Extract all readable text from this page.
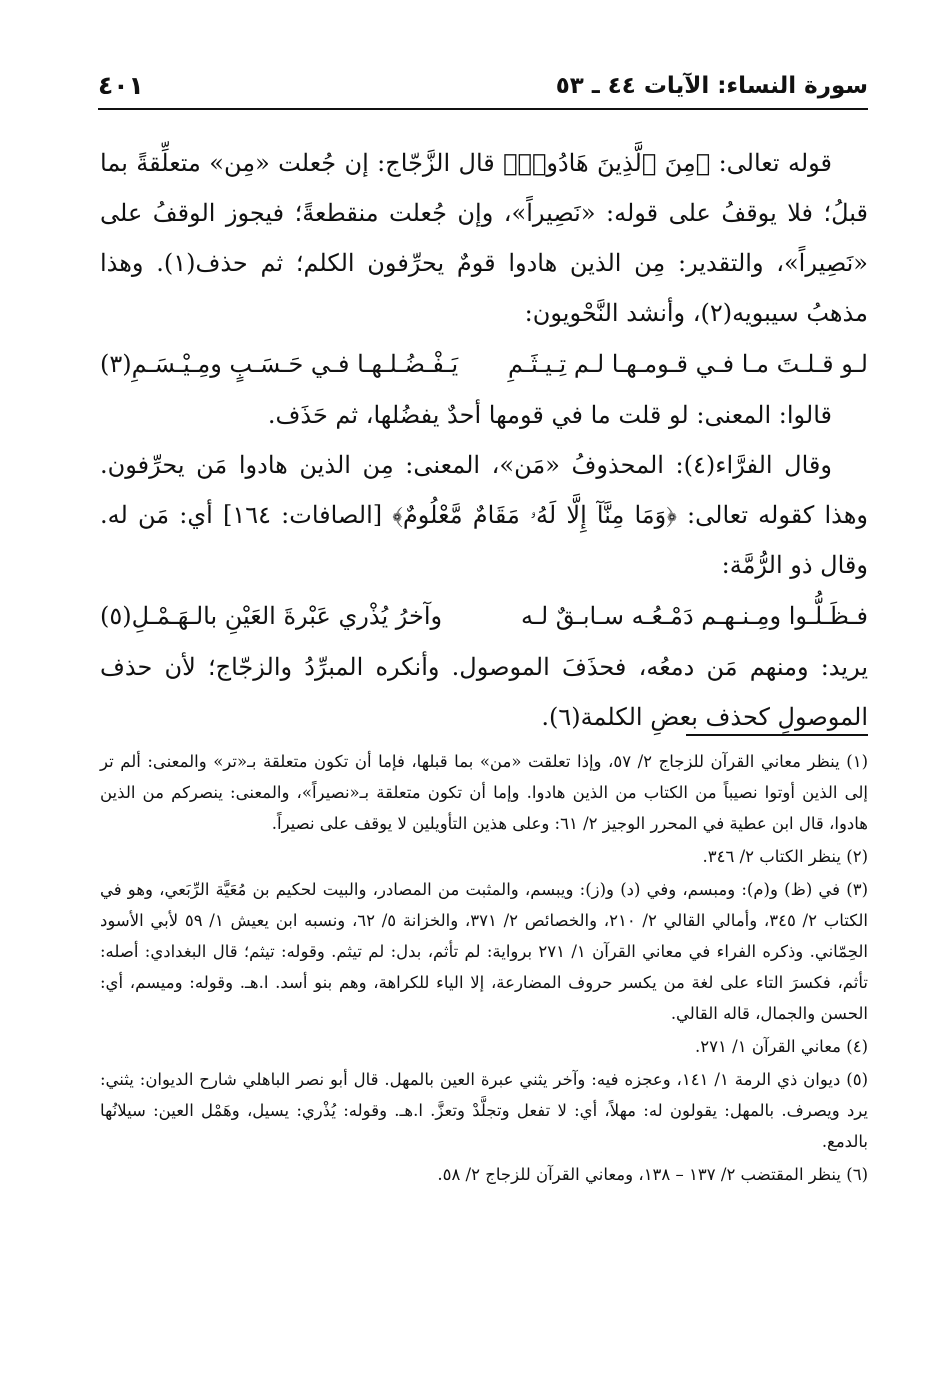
سورة النساء: الآيات ٤٤ ـ ٥٣
٤٠١

قوله تعالى: ﴿مِنَ ٱلَّذِينَ هَادُوا۟﴾ قال الزَّجّاج: إن جُعلت «مِن» متعلِّقةً بما قبلُ؛ فلا يوقفُ على قوله: «نَصِيراً»، وإن جُعلت منقطعةً؛ فيجوز الوقفُ على «نَصِيراً»، والتقدير: مِن الذين هادوا قومٌ يحرِّفون الكلم؛ ثم حذف(١). وهذا مذهبُ سيبويه(٢)، وأنشد النَّحْويون:

لـو قـلـتَ مـا فـي قـومـهـا لـم تِـيـثَـمِ
يَـفْـضُـلـهـا فـي حَـسَـبٍ ومِـيْـسَـمِ(٣)

قالوا: المعنى: لو قلت ما في قومها أحدٌ يفضُلها، ثم حَذَف.

وقال الفرَّاء(٤): المحذوفُ «مَن»، المعنى: مِن الذين هادوا مَن يحرِّفون. وهذا كقوله تعالى: ﴿وَمَا مِنَّآ إِلَّا لَهُۥ مَقَامٌ مَّعْلُومٌ﴾ [الصافات: ١٦٤] أي: مَن له. وقال ذو الرُّمَّة:

فـظَـلُّـوا ومِـنـهـم دَمْـعُـه سـابـقٌ لـه
وآخرُ يُذْري عَبْرةَ العَيْنِ بالـهَـمْـلِ(٥)

يريد: ومنهم مَن دمعُه، فحذَفَ الموصول. وأنكره المبرِّدُ والزجّاج؛ لأن حذف الموصولِ كحذف بعضِ الكلمة(٦).

(١) ينظر معاني القرآن للزجاج ٢/ ٥٧، وإذا تعلقت «من» بما قبلها، فإما أن تكون متعلقة بـ«تر» والمعنى: ألم تر إلى الذين أوتوا نصيباً من الكتاب من الذين هادوا. وإما أن تكون متعلقة بـ«نصيراً»، والمعنى: ينصركم من الذين هادوا، قال ابن عطية في المحرر الوجيز ٢/ ٦١: وعلى هذين التأويلين لا يوقف على نصيراً.

(٢) ينظر الكتاب ٢/ ٣٤٦.

(٣) في (ظ) و(م): ومبسم، وفي (د) و(ز): ويبسم، والمثبت من المصادر، والبيت لحكيم بن مُعَيَّة الرِّبَعي، وهو في الكتاب ٢/ ٣٤٥، وأمالي القالي ٢/ ٢١٠، والخصائص ٢/ ٣٧١، والخزانة ٥/ ٦٢، ونسبه ابن يعيش ١/ ٥٩ لأبي الأسود الحِمّاني. وذكره الفراء في معاني القرآن ١/ ٢٧١ برواية: لم تأثم، بدل: لم تيثم. وقوله: تيثم؛ قال البغدادي: أصله: تأثم، فكسرَ التاء على لغة من يكسر حروف المضارعة، إلا الياء للكراهة، وهم بنو أسد. ا.هـ. وقوله: وميسم، أي: الحسن والجمال، قاله القالي.

(٤) معاني القرآن ١/ ٢٧١.

(٥) ديوان ذي الرمة ١/ ١٤١، وعجزه فيه: وآخر يثني عبرة العين بالمهل. قال أبو نصر الباهلي شارح الديوان: يثني: يرد ويصرف. بالمهل: يقولون له: مهلاً، أي: لا تفعل وتجلَّدْ وتعزَّ. ا.هـ. وقوله: يُذْري: يسيل، وهَمْل العين: سيلانُها بالدمع.

(٦) ينظر المقتضب ٢/ ١٣٧ – ١٣٨، ومعاني القرآن للزجاج ٢/ ٥٨.
